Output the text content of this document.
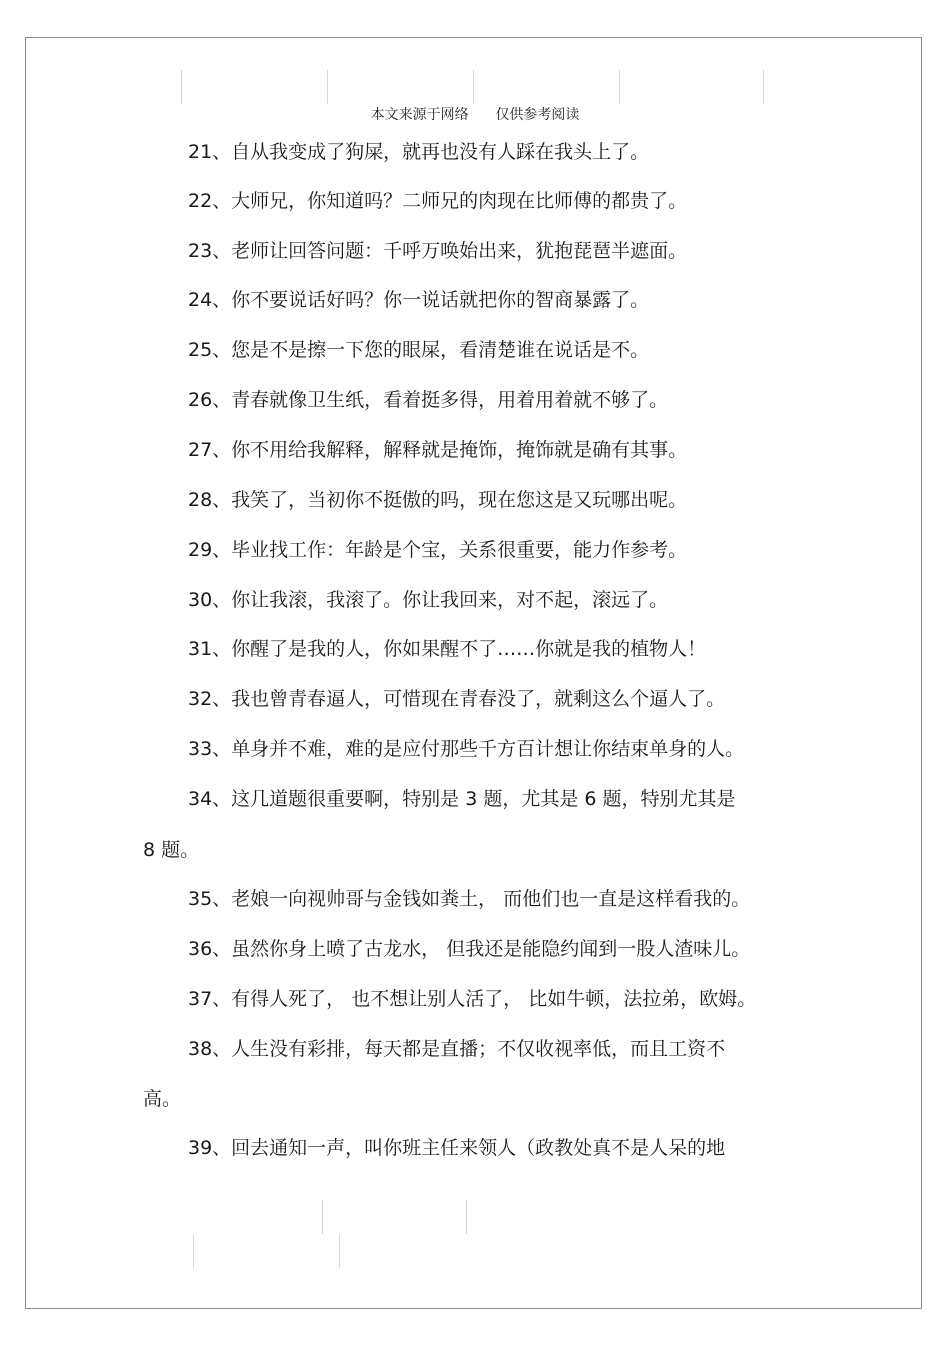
本文来源于网络      仅供参考阅读
21、自从我变成了狗屎，就再也没有人踩在我头上了。
22、大师兄，你知道吗？二师兄的肉现在比师傅的都贵了。
23、老师让回答问题：千呼万唤始出来，犹抱琵琶半遮面。
24、你不要说话好吗？你一说话就把你的智商暴露了。
25、您是不是擦一下您的眼屎，看清楚谁在说话是不。
26、青春就像卫生纸，看着挺多得，用着用着就不够了。
27、你不用给我解释，解释就是掩饰，掩饰就是确有其事。
28、我笑了，当初你不挺傲的吗，现在您这是又玩哪出呢。
29、毕业找工作：年龄是个宝，关系很重要，能力作参考。
30、你让我滚，我滚了。你让我回来，对不起，滚远了。
31、你醒了是我的人，你如果醒不了……你就是我的植物人！
32、我也曾青春逼人，可惜现在青春没了，就剩这么个逼人了。
33、单身并不难，难的是应付那些千方百计想让你结束单身的人。
34、这几道题很重要啊，特别是 3 题，尤其是 6 题，特别尤其是
8 题。
35、老娘一向视帅哥与金钱如粪土， 而他们也一直是这样看我的。
36、虽然你身上喷了古龙水， 但我还是能隐约闻到一股人渣味儿。
37、有得人死了， 也不想让别人活了， 比如牛顿，法拉弟，欧姆。
38、人生没有彩排，每天都是直播；不仅收视率低，而且工资不
高。
39、回去通知一声，叫你班主任来领人（政教处真不是人呆的地
